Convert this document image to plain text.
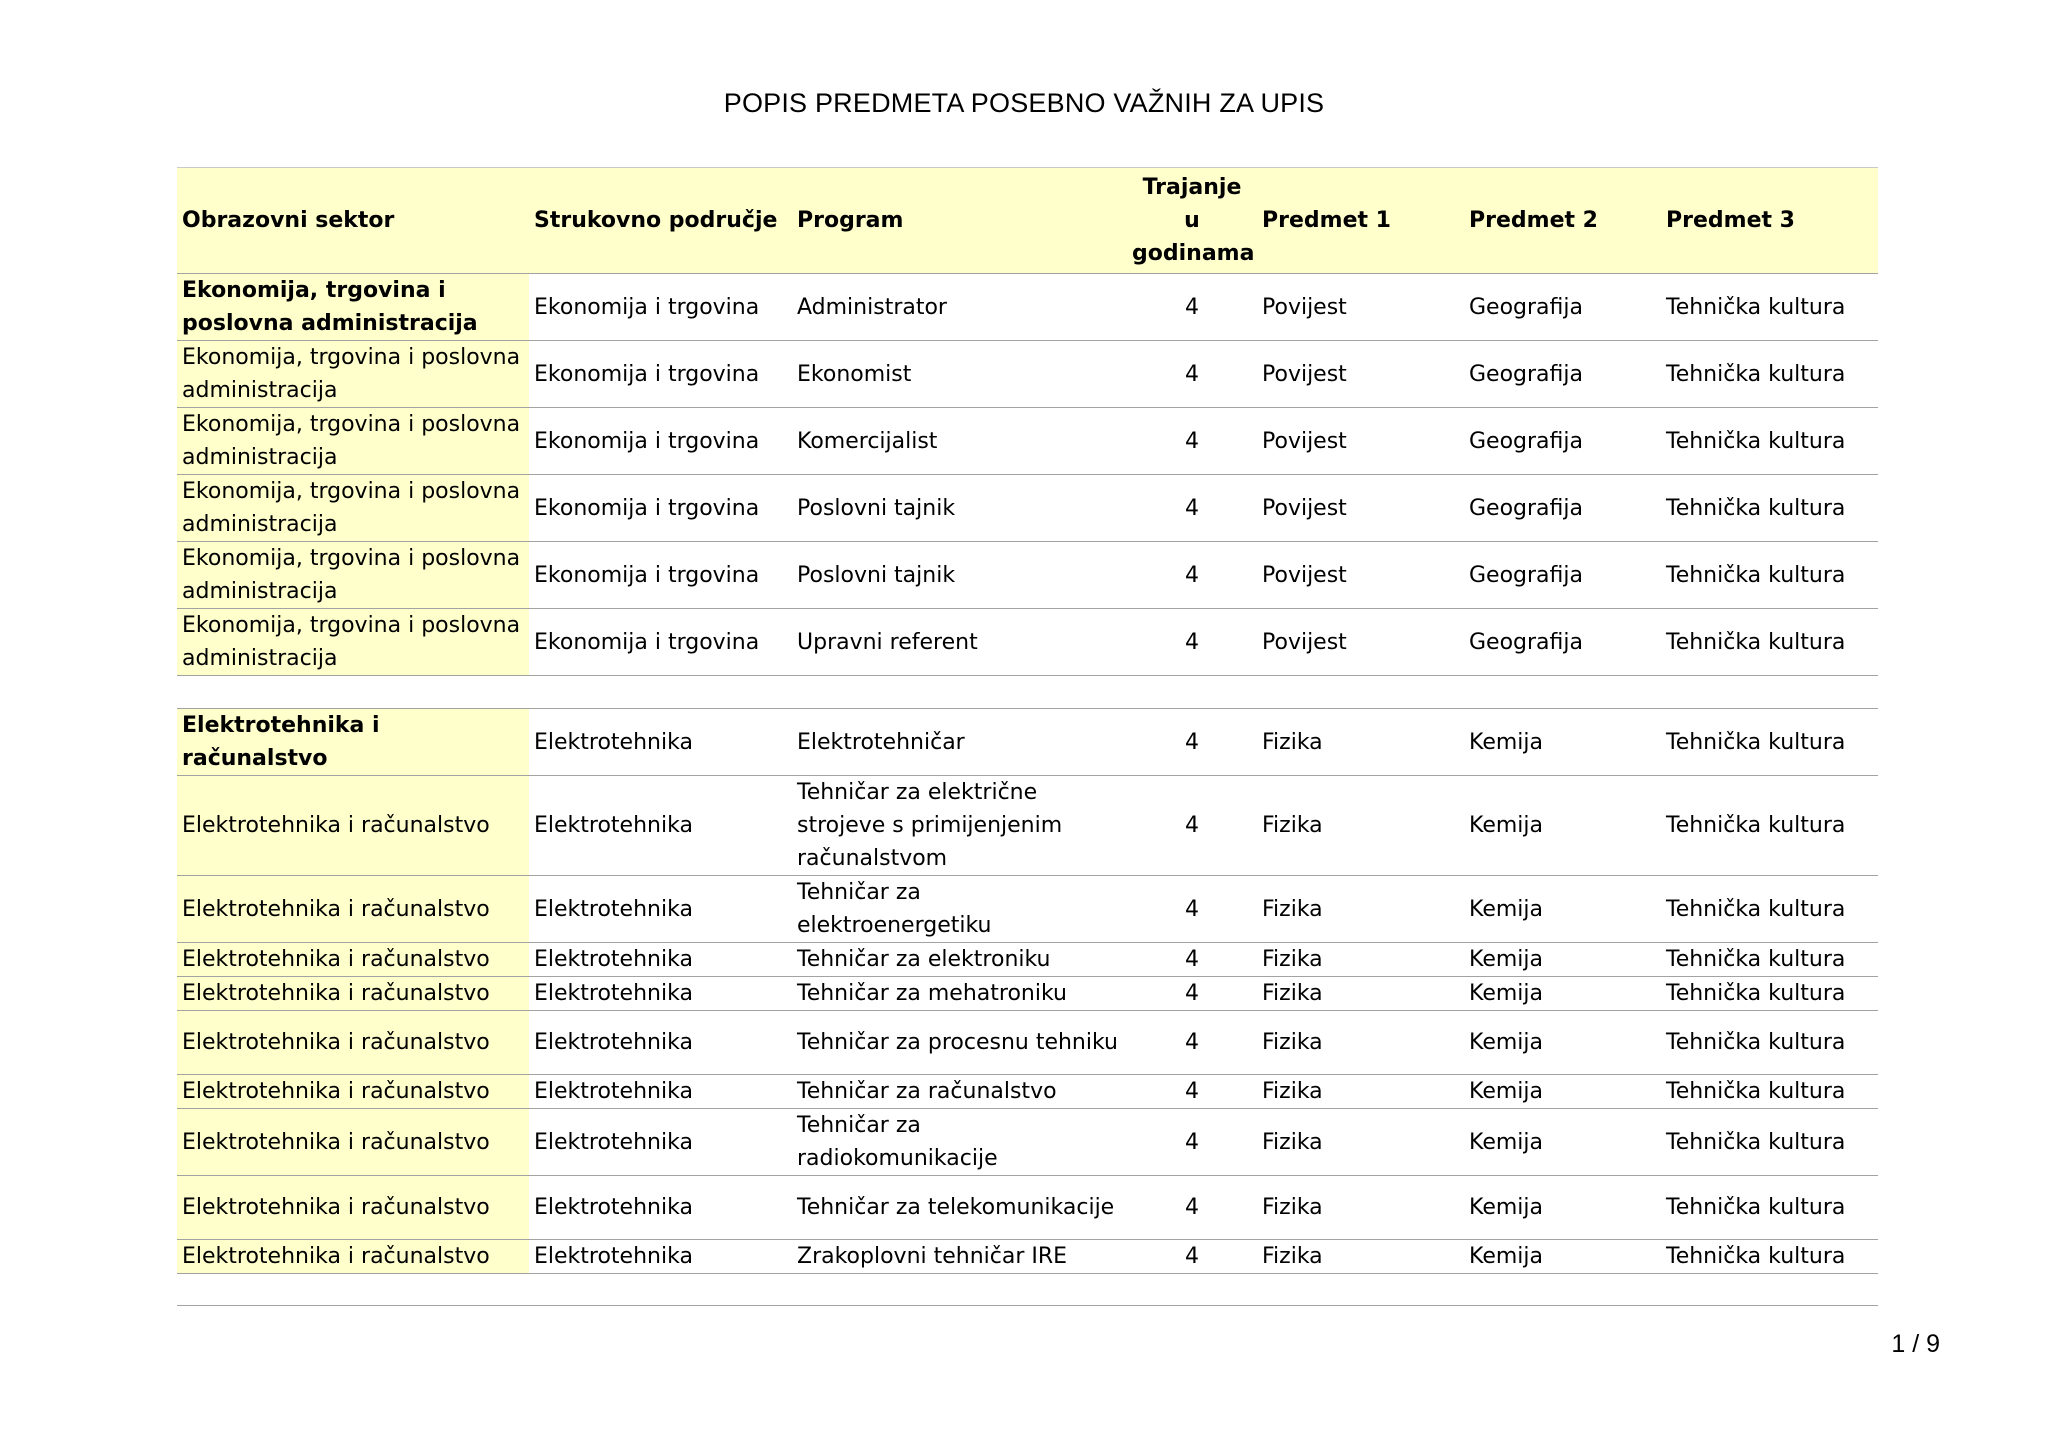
POPIS PREDMETA POSEBNO VAŽNIH ZA UPIS
Obrazovni sektor	Strukovno područje	Program	Trajanje u godinama	Predmet 1	Predmet 2	Predmet 3
Ekonomija, trgovina i poslovna administracija	Ekonomija i trgovina	Administrator	4	Povijest	Geografija	Tehnička kultura
Ekonomija, trgovina i poslovna administracija	Ekonomija i trgovina	Ekonomist	4	Povijest	Geografija	Tehnička kultura
Ekonomija, trgovina i poslovna administracija	Ekonomija i trgovina	Komercijalist	4	Povijest	Geografija	Tehnička kultura
Ekonomija, trgovina i poslovna administracija	Ekonomija i trgovina	Poslovni tajnik	4	Povijest	Geografija	Tehnička kultura
Ekonomija, trgovina i poslovna administracija	Ekonomija i trgovina	Poslovni tajnik	4	Povijest	Geografija	Tehnička kultura
Ekonomija, trgovina i poslovna administracija	Ekonomija i trgovina	Upravni referent	4	Povijest	Geografija	Tehnička kultura

Elektrotehnika i računalstvo	Elektrotehnika	Elektrotehničar	4	Fizika	Kemija	Tehnička kultura
Elektrotehnika i računalstvo	Elektrotehnika	Tehničar za električne strojeve s primijenjenim računalstvom	4	Fizika	Kemija	Tehnička kultura
Elektrotehnika i računalstvo	Elektrotehnika	Tehničar za elektroenergetiku	4	Fizika	Kemija	Tehnička kultura
Elektrotehnika i računalstvo	Elektrotehnika	Tehničar za elektroniku	4	Fizika	Kemija	Tehnička kultura
Elektrotehnika i računalstvo	Elektrotehnika	Tehničar za mehatroniku	4	Fizika	Kemija	Tehnička kultura
Elektrotehnika i računalstvo	Elektrotehnika	Tehničar za procesnu tehniku	4	Fizika	Kemija	Tehnička kultura
Elektrotehnika i računalstvo	Elektrotehnika	Tehničar za računalstvo	4	Fizika	Kemija	Tehnička kultura
Elektrotehnika i računalstvo	Elektrotehnika	Tehničar za radiokomunikacije	4	Fizika	Kemija	Tehnička kultura
Elektrotehnika i računalstvo	Elektrotehnika	Tehničar za telekomunikacije	4	Fizika	Kemija	Tehnička kultura
Elektrotehnika i računalstvo	Elektrotehnika	Zrakoplovni tehničar IRE	4	Fizika	Kemija	Tehnička kultura

1 / 9
